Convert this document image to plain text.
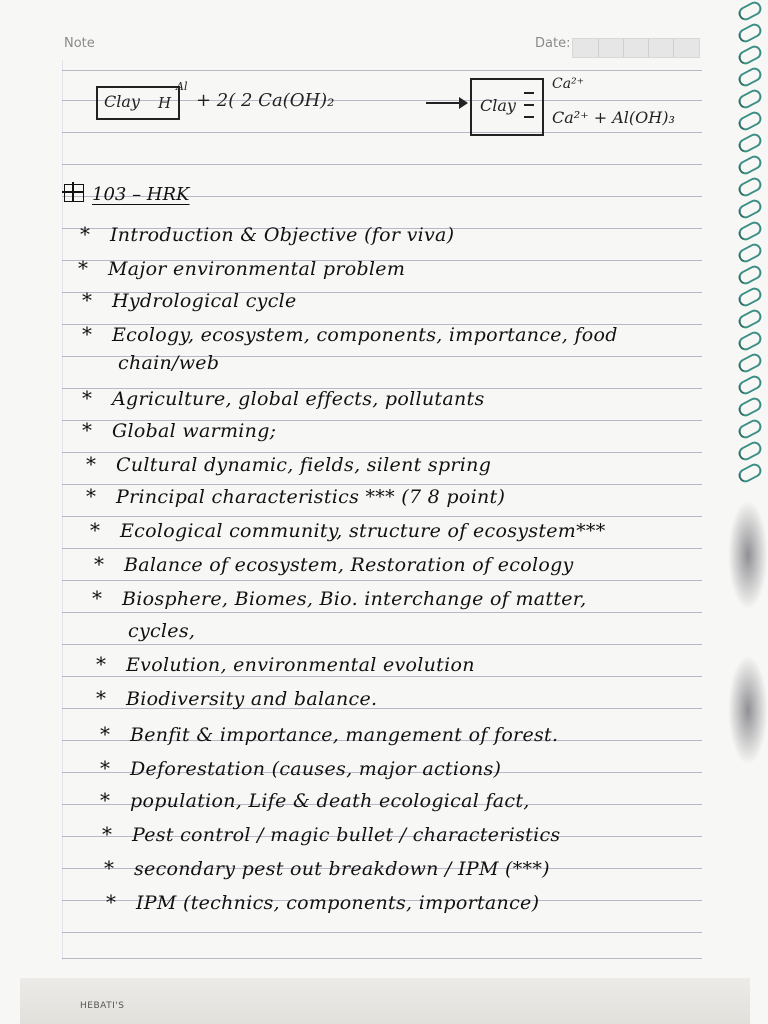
Note	Date:
Clay H
Al
+ 2( 2 Ca(OH)₂	→ Clay
Ca²⁺
Ca²⁺ + Al(OH)₃
103 – HRK
* Introduction & Objective (for viva)
* Major environmental problem
* Hydrological cycle
* Ecology, ecosystem, components, importance, food
chain/web
* Agriculture, global effects, pollutants
* Global warming;
* Cultural dynamic, fields, silent spring
* Principal characteristics *** (7 8 point)
* Ecological community, structure of ecosystem***
* Balance of ecosystem, Restoration of ecology
* Biosphere, Biomes, Bio. interchange of matter,
cycles,
* Evolution, environmental evolution
* Biodiversity and balance.
* Benfit & importance, mangement of forest.
* Deforestation (causes, major actions)
* population, Life & death ecological fact,
* Pest control / magic bullet / characteristics
* secondary pest out breakdown / IPM (***)
* IPM (technics, components, importance)
HEBATI'S
